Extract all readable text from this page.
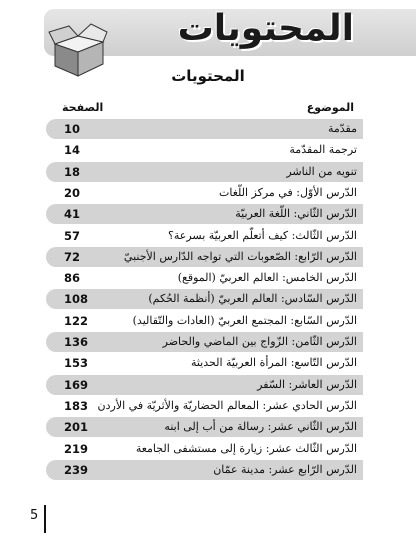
المحتويات
المحتويات
الموضوع
الصفحة
10	مقدّمة
14	ترجمة المقدّمة
18	تنويه من الناشر
20	الدّرس الأوّل: في مركز اللّغات
41	الدّرس الثّاني: اللّغة العربيّة
57	الدّرس الثّالث: كيف أتعلّم العربيّة بسرعة؟
72	الدّرس الرّابع: الصّعوبات التي تواجه الدّارس الأجنبيّ
86	الدّرس الخامس: العالم العربيّ (الموقع)
108	الدّرس السّادس: العالم العربيّ (أنظمة الحُكم)
122	الدّرس السّابع: المجتمع العربيّ (العادات والتّقاليد)
136	الدّرس الثّامن: الزّواج بين الماضي والحاضر
153	الدّرس التّاسع: المرأة العربيّة الحديثة
169	الدّرس العاشر: السّفر
183 الدّرس الحادي عشر: المعالم الحضاريّة والأثريّة في الأردن
201	الدّرس الثّاني عشر: رسالة من أب إلى ابنه
219	الدّرس الثّالث عشر: زيارة إلى مستشفى الجامعة
239	الدّرس الرّابع عشر: مدينة عمّان
5
